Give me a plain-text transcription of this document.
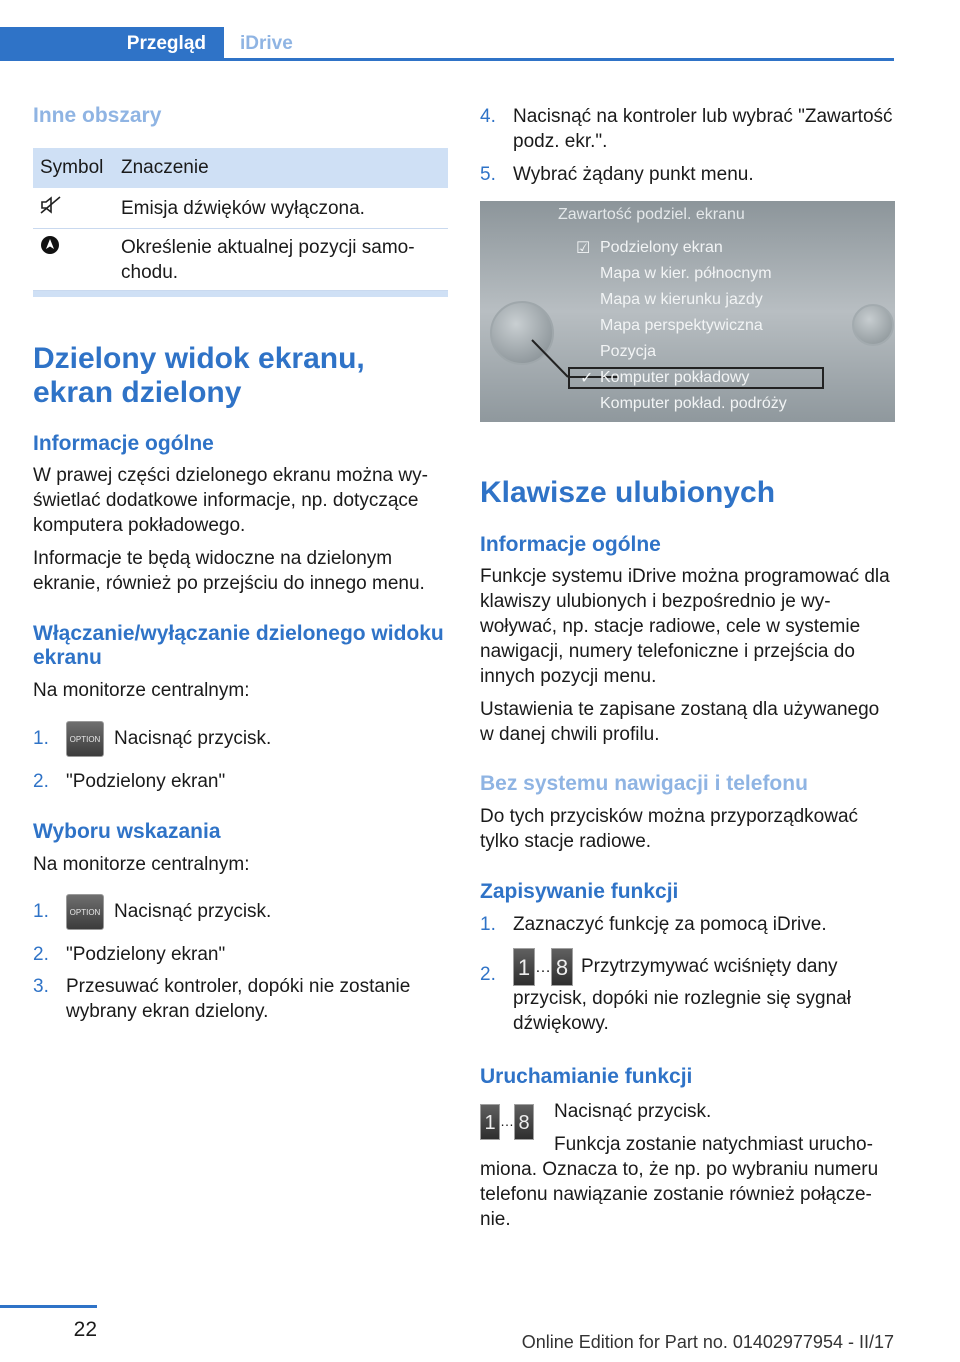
Przegląd	iDrive
Inne obszary
Symbol Znaczenie
Emisja dźwięków wyłączona.
Określenie aktualnej pozycji samo-chodu.
Dzielony widok ekranu, ekran dzielony
Informacje ogólne
W prawej części dzielonego ekranu można wy-świetlać dodatkowe informacje, np. dotyczące komputera pokładowego.
Informacje te będą widoczne na dzielonym ekranie, również po przejściu do innego menu.
Włączanie/wyłączanie dzielonego widoku ekranu
Na monitorze centralnym:
1.	OPTION Nacisnąć przycisk.
2. "Podzielony ekran"
Wyboru wskazania
Na monitorze centralnym:
1.	OPTION Nacisnąć przycisk.
2. "Podzielony ekran"
3. Przesuwać kontroler, dopóki nie zostanie wybrany ekran dzielony.
4. Nacisnąć na kontroler lub wybrać "Zawartość podz. ekr.".
5. Wybrać żądany punkt menu.
Zawartość podziel. ekranu
☑
✓
Podzielony ekran
Mapa w kier. północnym
Mapa w kierunku jazdy
Mapa perspektywiczna
Pozycja
Komputer pokładowy
Komputer pokład. podróży
Klawisze ulubionych
Informacje ogólne
Funkcje systemu iDrive można programować dla klawiszy ulubionych i bezpośrednio je wy-woływać, np. stacje radiowe, cele w systemie nawigacji, numery telefoniczne i przejścia do innych pozycji menu.
Ustawienia te zapisane zostaną dla używanego w danej chwili profilu.
Bez systemu nawigacji i telefonu
Do tych przycisków można przyporządkować tylko stacje radiowe.
Zapisywanie funkcji
1. Zaznaczyć funkcję za pomocą iDrive.
2.	1 … 8 Przytrzymywać wciśnięty dany przycisk, dopóki nie rozlegnie się sygnał dźwiękowy.
Uruchamianie funkcji
1 … 8
Nacisnąć przycisk.
Funkcja zostanie natychmiast urucho-
miona. Oznacza to, że np. po wybraniu numeru telefonu nawiązanie zostanie również połącze-nie.
22
Online Edition for Part no. 01402977954 - II/17
